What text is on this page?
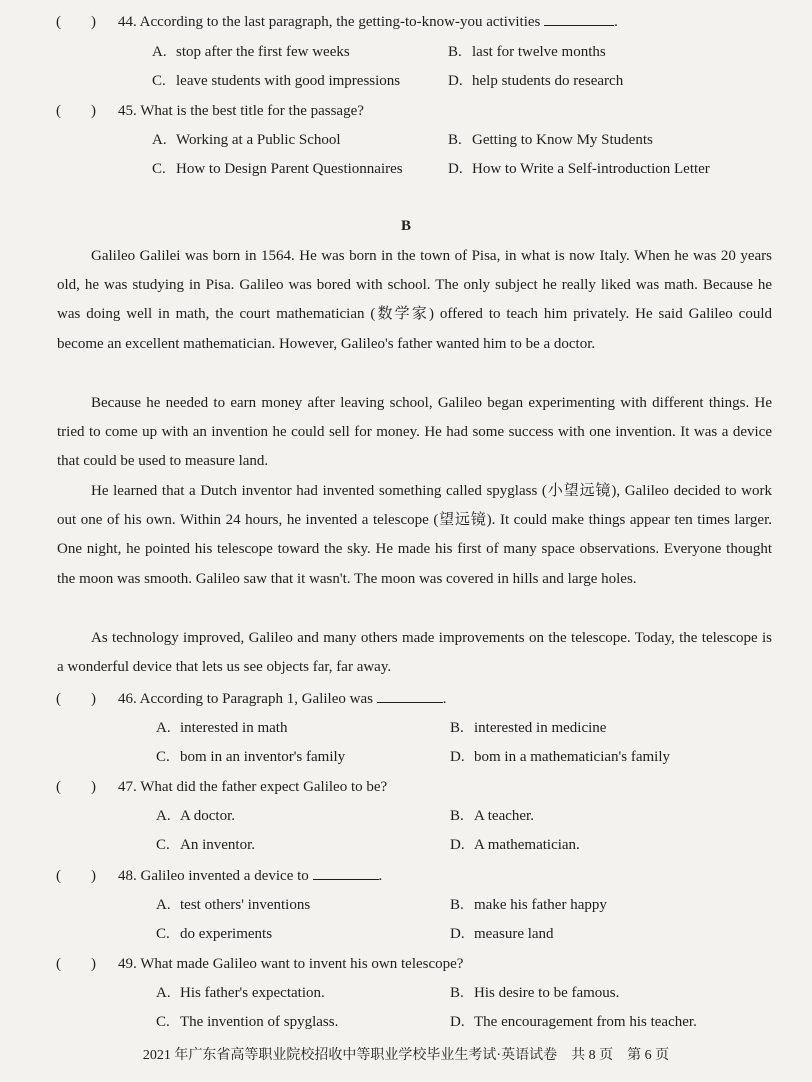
(　　) 44. According to the last paragraph, the getting-to-know-you activities	.
A. stop after the first few weeks	B. last for twelve months
C. leave students with good impressions	D. help students do research
(　　) 45. What is the best title for the passage?
A. Working at a Public School	B. Getting to Know My Students
C. How to Design Parent Questionnaires	D. How to Write a Self-introduction Letter
B

Galileo Galilei was born in 1564. He was born in the town of Pisa, in what is now Italy. When he was 20 years old, he was studying in Pisa. Galileo was bored with school. The only subject he really liked was math. Because he was doing well in math, the court mathematician (数学家) offered to teach him privately. He said Galileo could become an excellent mathematician. However, Galileo's father wanted him to be a doctor.

Because he needed to earn money after leaving school, Galileo began experimenting with different things. He tried to come up with an invention he could sell for money. He had some success with one invention. It was a device that could be used to measure land.

He learned that a Dutch inventor had invented something called spyglass (小望远镜), Galileo decided to work out one of his own. Within 24 hours, he invented a telescope (望远镜). It could make things appear ten times larger. One night, he pointed his telescope toward the sky. He made his first of many space observations. Everyone thought the moon was smooth. Galileo saw that it wasn't. The moon was covered in hills and large holes.

As technology improved, Galileo and many others made improvements on the telescope. Today, the telescope is a wonderful device that lets us see objects far, far away.

(　　) 46. According to Paragraph 1, Galileo was	.
A. interested in math	B. interested in medicine
C. bom in an inventor's family	D. bom in a mathematician's family
(　　) 47. What did the father expect Galileo to be?
A. A doctor.	B. A teacher.
C. An inventor.	D. A mathematician.
(　　) 48. Galileo invented a device to	.
A. test others' inventions	B. make his father happy
C. do experiments	D. measure land
(　　) 49. What made Galileo want to invent his own telescope?
A. His father's expectation.	B. His desire to be famous.
C. The invention of spyglass.	D. The encouragement from his teacher.
2021 年广东省高等职业院校招收中等职业学校毕业生考试·英语试卷　共 8 页　第 6 页
